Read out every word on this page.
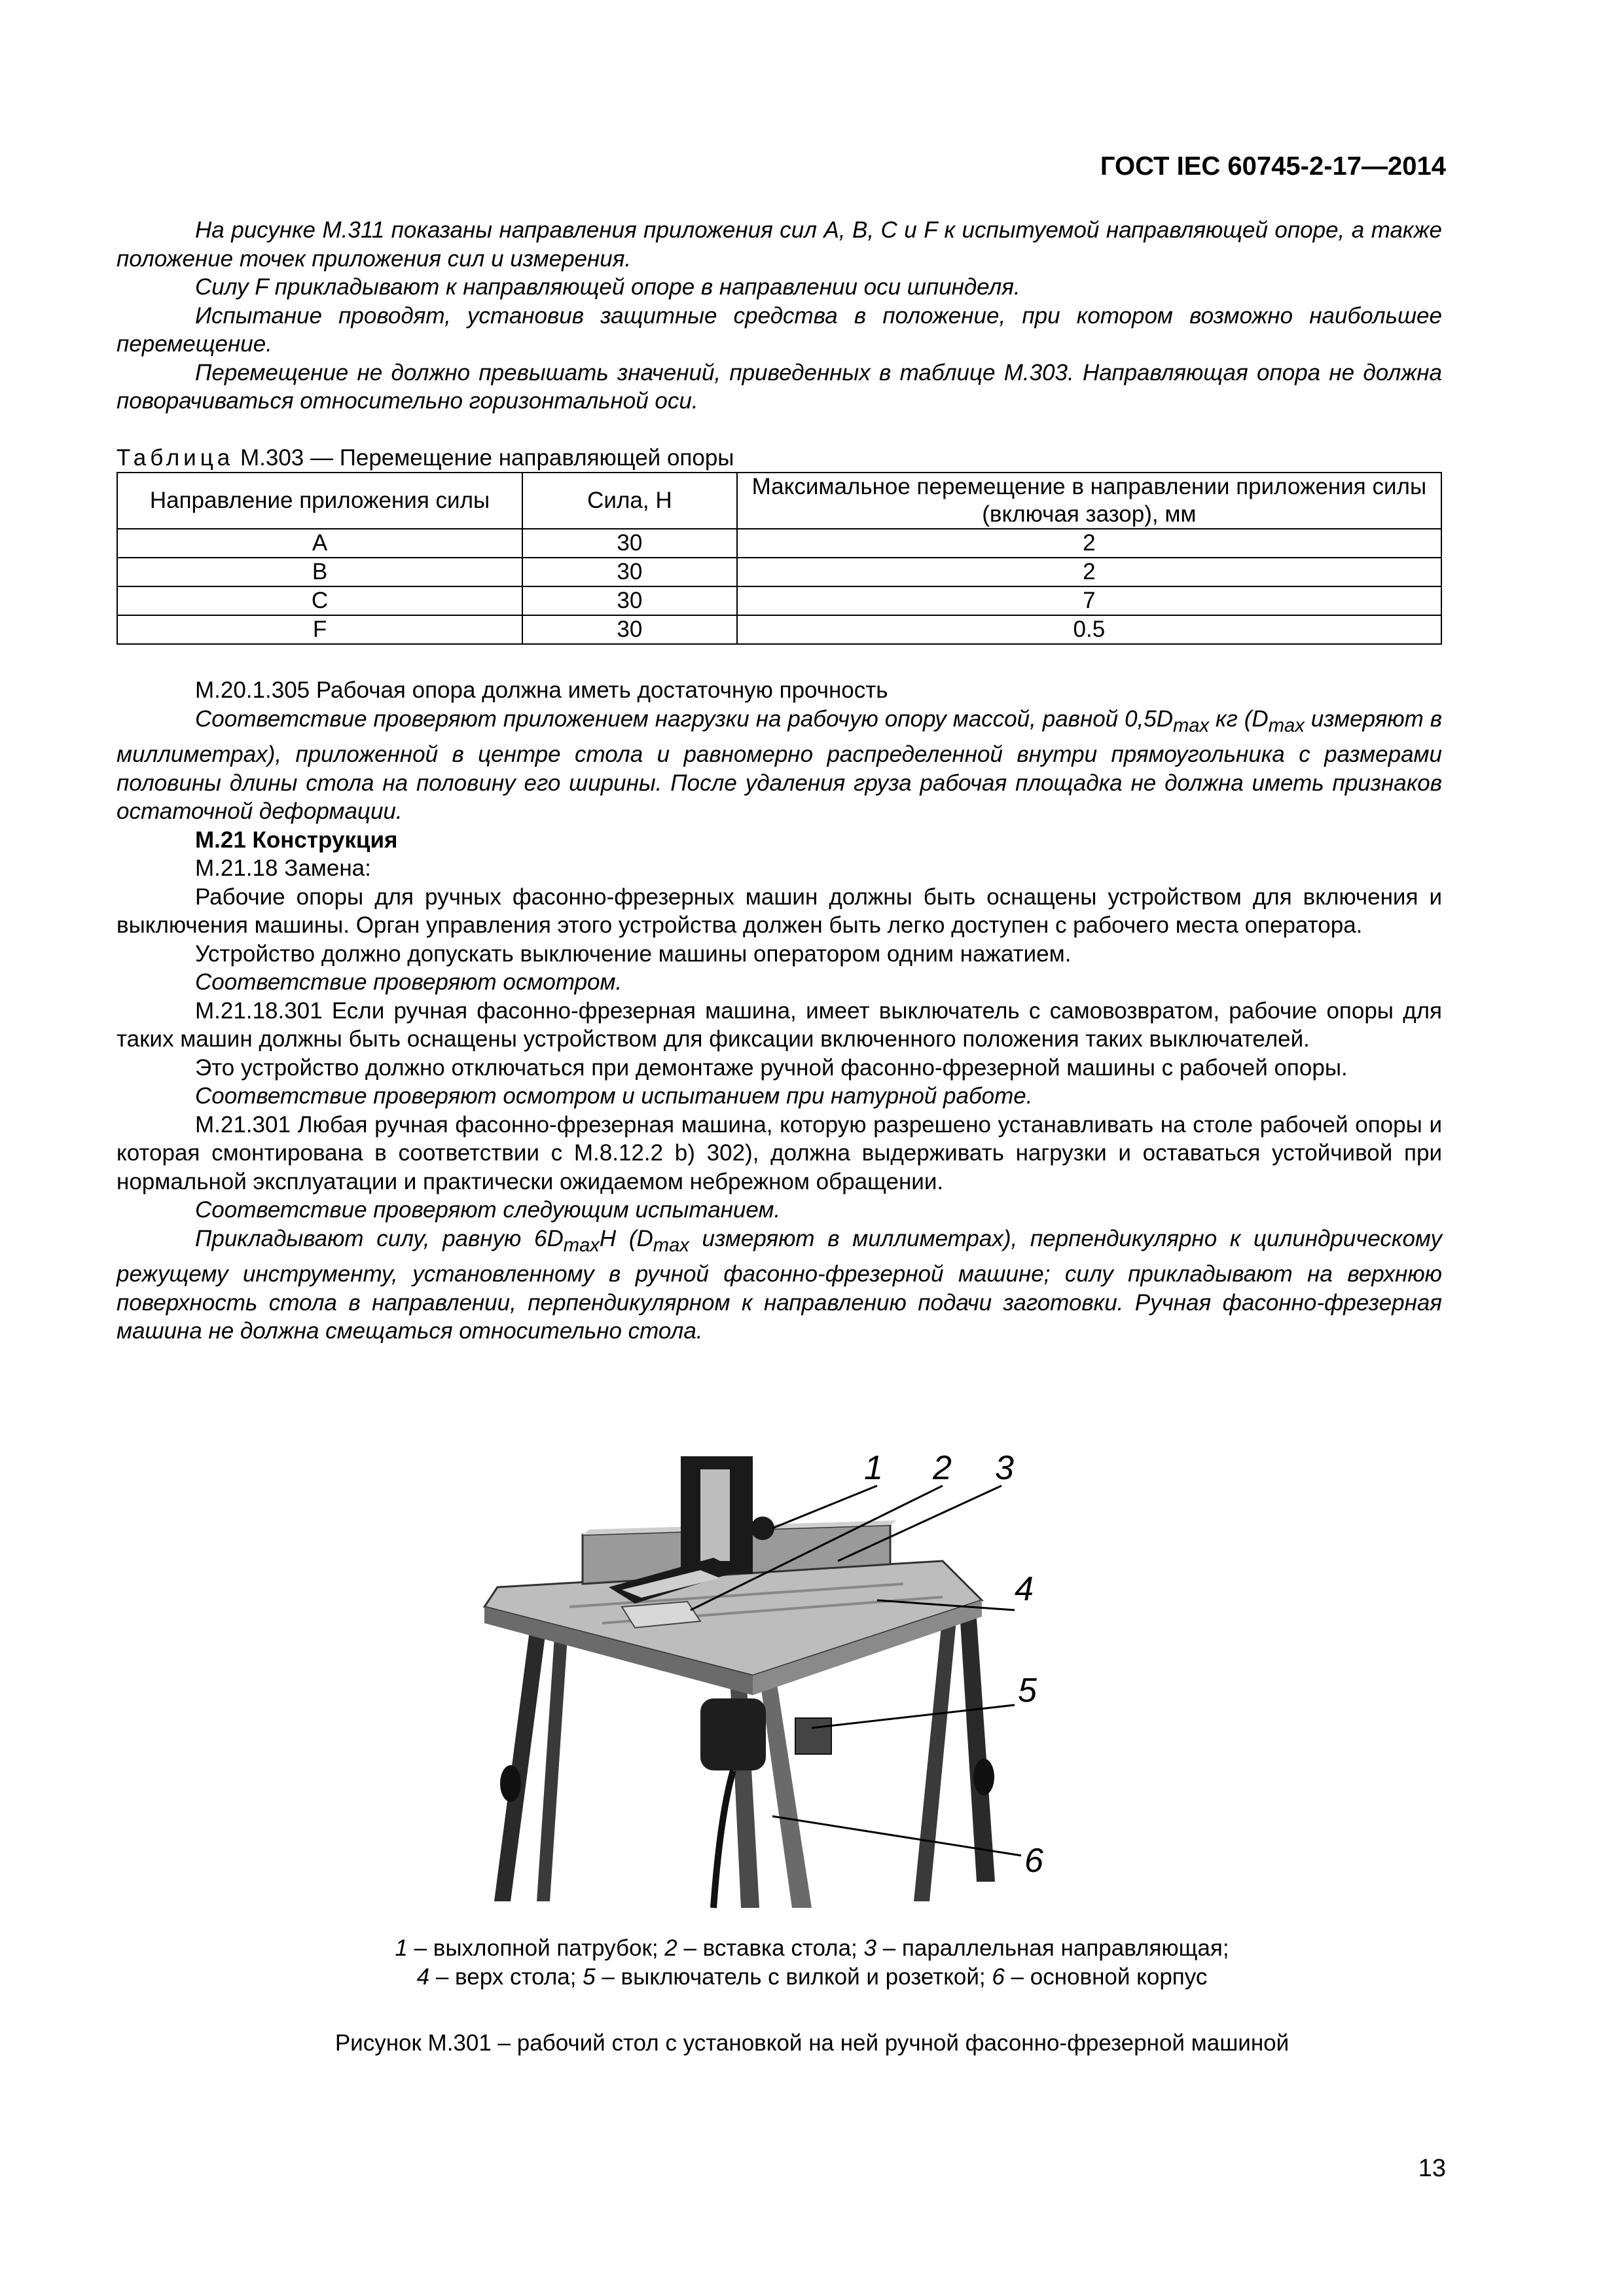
ГОСТ IEC 60745-2-17—2014

На рисунке М.311 показаны направления приложения сил A, B, C и F к испытуемой направляющей опоре, а также положение точек приложения сил и измерения.

Силу F прикладывают к направляющей опоре в направлении оси шпинделя.

Испытание проводят, установив защитные средства в положение, при котором возможно наибольшее перемещение.

Перемещение не должно превышать значений, приведенных в таблице М.303. Направляющая опора не должна поворачиваться относительно горизонтальной оси.

Таблица М.303 — Перемещение направляющей опоры

Направление приложения силы	Сила, Н	Максимальное перемещение в направлении приложения силы (включая зазор), мм
A	30	2
B	30	2
C	30	7
F	30	0.5

М.20.1.305 Рабочая опора должна иметь достаточную прочность

Соответствие проверяют приложением нагрузки на рабочую опору массой, равной $0,5D_{max}$ кг ($D_{max}$ измеряют в миллиметрах), приложенной в центре стола и равномерно распределенной внутри прямоугольника с размерами половины длины стола на половину его ширины. После удаления груза рабочая площадка не должна иметь признаков остаточной деформации.

М.21 Конструкция

М.21.18 Замена:

Рабочие опоры для ручных фасонно-фрезерных машин должны быть оснащены устройством для включения и выключения машины. Орган управления этого устройства должен быть легко доступен с рабочего места оператора.

Устройство должно допускать выключение машины оператором одним нажатием.

Соответствие проверяют осмотром.

М.21.18.301 Если ручная фасонно-фрезерная машина, имеет выключатель с самовозвратом, рабочие опоры для таких машин должны быть оснащены устройством для фиксации включенного положения таких выключателей.

Это устройство должно отключаться при демонтаже ручной фасонно-фрезерной машины с рабочей опоры.

Соответствие проверяют осмотром и испытанием при натурной работе.

М.21.301 Любая ручная фасонно-фрезерная машина, которую разрешено устанавливать на столе рабочей опоры и которая смонтирована в соответствии с М.8.12.2 b) 302), должна выдерживать нагрузки и оставаться устойчивой при нормальной эксплуатации и практически ожидаемом небрежном обращении.

Соответствие проверяют следующим испытанием.

Прикладывают силу, равную $6D_{max}H$ ($D_{max}$ измеряют в миллиметрах), перпендикулярно к цилиндрическому режущему инструменту, установленному в ручной фасонно-фрезерной машине; силу прикладывают на верхнюю поверхность стола в направлении, перпендикулярном к направлению подачи заготовки. Ручная фасонно-фрезерная машина не должна смещаться относительно стола.

1 2 3
4
5
6

1 – выхлопной патрубок; 2 – вставка стола; 3 – параллельная направляющая;

4 – верх стола; 5 – выключатель с вилкой и розеткой; 6 – основной корпус

Рисунок М.301 – рабочий стол с установкой на ней ручной фасонно-фрезерной машиной
13
